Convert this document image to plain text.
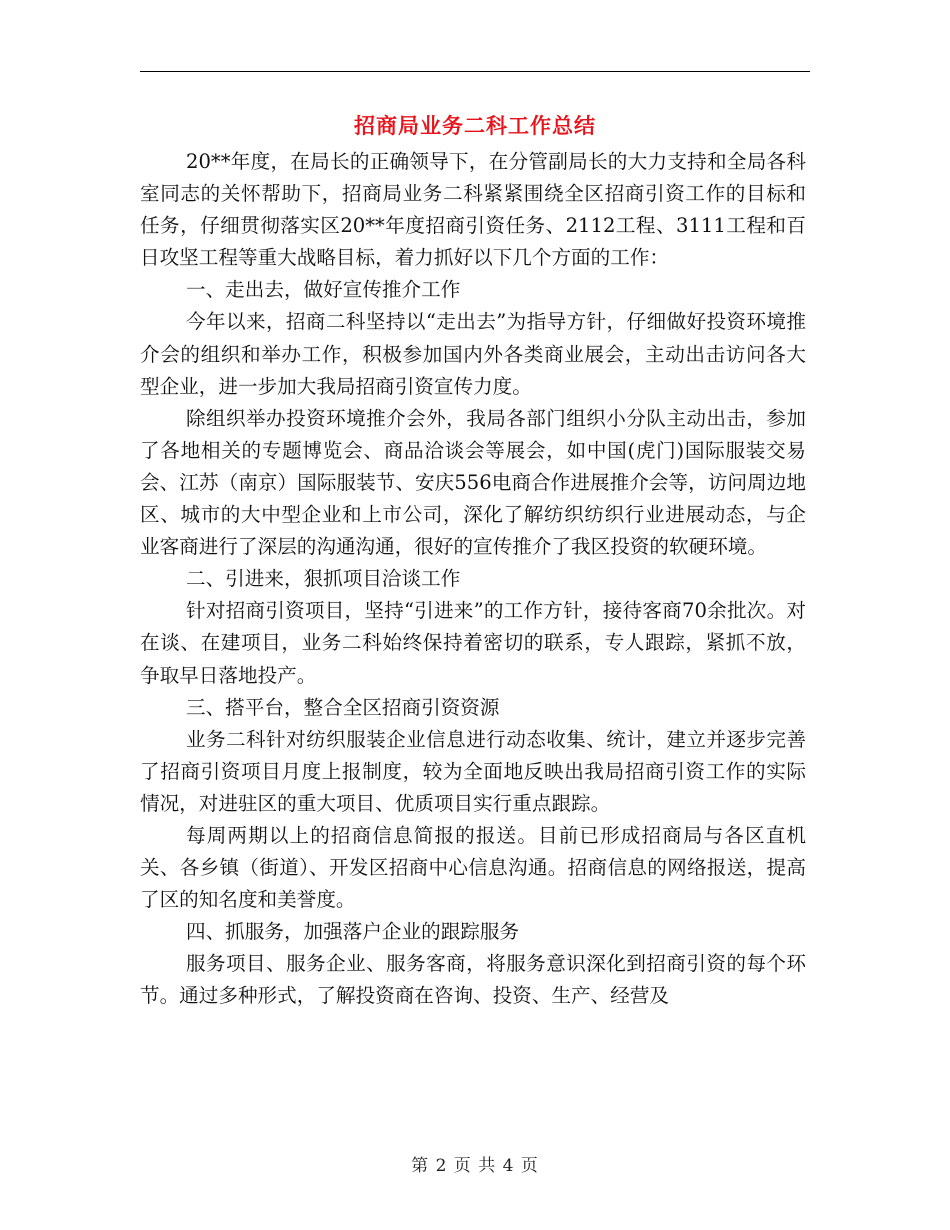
招商局业务二科工作总结

20**年度，在局长的正确领导下，在分管副局长的大力支持和全局各科室同志的关怀帮助下，招商局业务二科紧紧围绕全区招商引资工作的目标和任务，仔细贯彻落实区20**年度招商引资任务、2112工程、3111工程和百日攻坚工程等重大战略目标，着力抓好以下几个方面的工作：

一、走出去，做好宣传推介工作

今年以来，招商二科坚持以“走出去”为指导方针，仔细做好投资环境推介会的组织和举办工作，积极参加国内外各类商业展会，主动出击访问各大型企业，进一步加大我局招商引资宣传力度。

除组织举办投资环境推介会外，我局各部门组织小分队主动出击，参加了各地相关的专题博览会、商品洽谈会等展会，如中国(虎门)国际服装交易会、江苏（南京）国际服装节、安庆556电商合作进展推介会等，访问周边地区、城市的大中型企业和上市公司，深化了解纺织纺织行业进展动态，与企业客商进行了深层的沟通沟通，很好的宣传推介了我区投资的软硬环境。

二、引进来，狠抓项目洽谈工作

针对招商引资项目，坚持“引进来”的工作方针，接待客商70余批次。对在谈、在建项目，业务二科始终保持着密切的联系，专人跟踪，紧抓不放，争取早日落地投产。

三、搭平台，整合全区招商引资资源

业务二科针对纺织服装企业信息进行动态收集、统计，建立并逐步完善了招商引资项目月度上报制度，较为全面地反映出我局招商引资工作的实际情况，对进驻区的重大项目、优质项目实行重点跟踪。

每周两期以上的招商信息简报的报送。目前已形成招商局与各区直机关、各乡镇（街道）、开发区招商中心信息沟通。招商信息的网络报送，提高了区的知名度和美誉度。

四、抓服务，加强落户企业的跟踪服务

服务项目、服务企业、服务客商，将服务意识深化到招商引资的每个环节。通过多种形式，了解投资商在咨询、投资、生产、经营及

第 2 页 共 4 页
